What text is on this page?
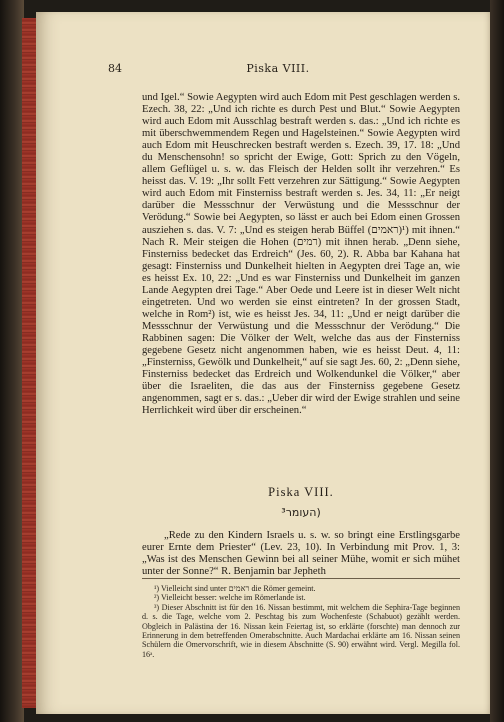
84	Piska VIII.

und Igel.“ Sowie Aegypten wird auch Edom mit Pest geschlagen werden s. Ezech. 38, 22: „Und ich richte es durch Pest und Blut.“ Sowie Aegypten wird auch Edom mit Ausschlag bestraft werden s. das.: „Und ich richte es mit überschwemmendem Regen und Hagelsteinen.“ Sowie Aegypten wird auch Edom mit Heuschrecken bestraft werden s. Ezech. 39, 17. 18: „Und du Menschensohn! so spricht der Ewige, Gott: Sprich zu den Vögeln, allem Geflügel u. s. w. das Fleisch der Helden sollt ihr verzehren.“ Es heisst das. V. 19: „Ihr sollt Fett verzehren zur Sättigung.“ Sowie Aegypten wird auch Edom mit Finsterniss bestraft werden s. Jes. 34, 11: „Er neigt darüber die Messschnur der Verwüstung und die Messschnur der Verödung.“ Sowie bei Aegypten, so lässt er auch bei Edom einen Grossen ausziehen s. das. V. 7: „Und es steigen herab Büffel (ראמים)¹) mit ihnen.“ Nach R. Meir steigen die Hohen (רמים) mit ihnen herab. „Denn siehe, Finsterniss bedecket das Erdreich“ (Jes. 60, 2). R. Abba bar Kahana hat gesagt: Finsterniss und Dunkelheit hielten in Aegypten drei Tage an, wie es heisst Ex. 10, 22: „Und es war Finsterniss und Dunkelheit im ganzen Lande Aegypten drei Tage.“ Aber Oede und Leere ist in dieser Welt nicht eingetreten. Und wo werden sie einst eintreten? In der grossen Stadt, welche in Rom²) ist, wie es heisst Jes. 34, 11: „Und er neigt darüber die Messschnur der Verwüstung und die Messschnur der Verödung.“ Die Rabbinen sagen: Die Völker der Welt, welche das aus der Finsterniss gegebene Gesetz nicht angenommen haben, wie es heisst Deut. 4, 11: „Finsterniss, Gewölk und Dunkelheit,“ auf sie sagt Jes. 60, 2: „Denn siehe, Finsterniss bedecket das Erdreich und Wolkendunkel die Völker,“ aber über die Israeliten, die das aus der Finsterniss gegebene Gesetz angenommen, sagt er s. das.: „Ueber dir wird der Ewige strahlen und seine Herrlichkeit wird über dir erscheinen.“

Piska VIII.
העומר³)
„Rede zu den Kindern Israels u. s. w. so bringt eine Erstlingsgarbe eurer Ernte dem Priester“ (Lev. 23, 10). In Verbindung mit Prov. 1, 3: „Was ist des Menschen Gewinn bei all seiner Mühe, womit er sich mühet unter der Sonne?“ R. Benjamin bar Jepheth

¹) Vielleicht sind unter ראמים die Römer gemeint.

²) Vielleicht besser: welche im Römerlande ist.

³) Dieser Abschnitt ist für den 16. Nissan bestimmt, mit welchem die Sephira-Tage beginnen d. s. die Tage, welche vom 2. Peschtag bis zum Wochenfeste (Schabuot) gezählt werden. Obgleich in Palästina der 16. Nissan kein Feiertag ist, so erklärte (forschte) man dennoch zur Erinnerung in dem betreffenden Omerabschnitte. Auch Mardachai erklärte am 16. Nissan seinen Schülern die Omervorschrift, wie in diesem Abschnitte (S. 90) erwähnt wird. Vergl. Megilla fol. 16ᵃ.
